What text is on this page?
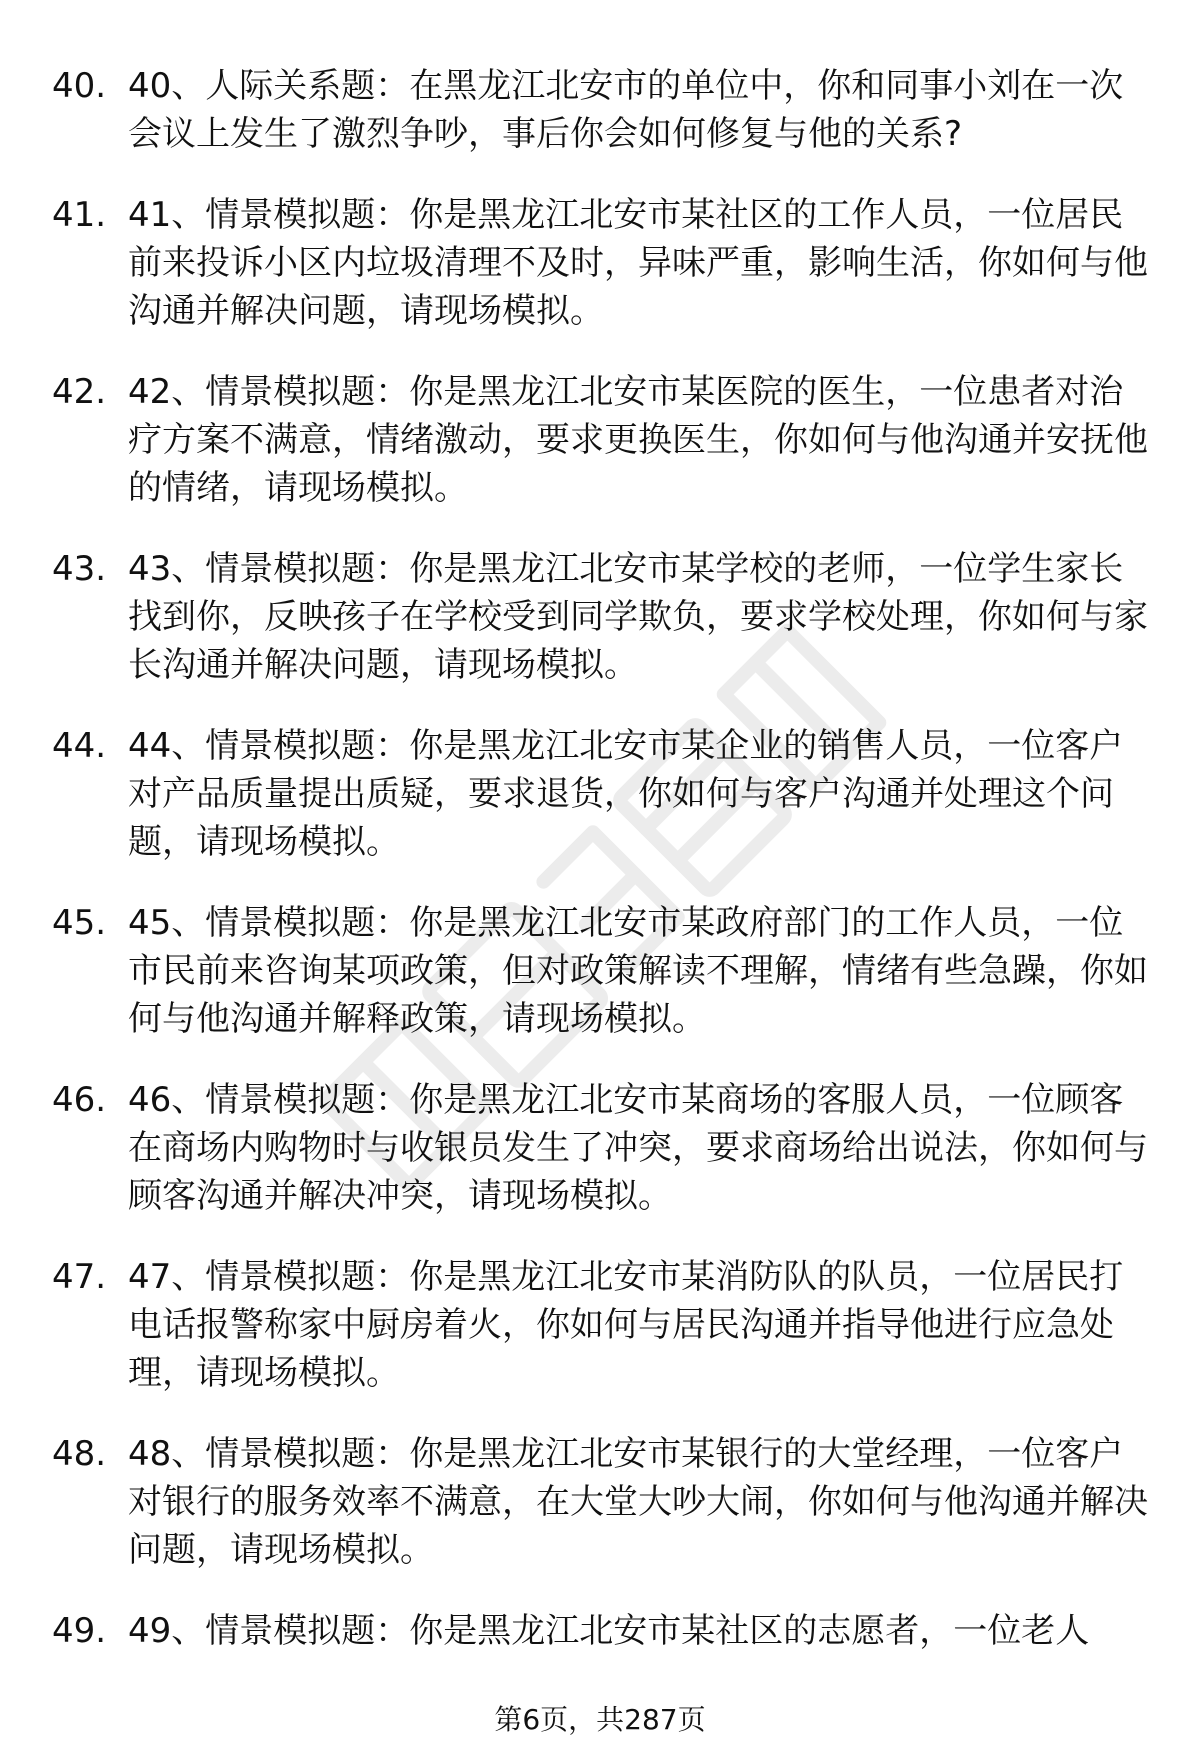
40. 40、人际关系题：在黑龙江北安市的单位中，你和同事小刘在一次会议上发生了激烈争吵，事后你会如何修复与他的关系?
41. 41、情景模拟题：你是黑龙江北安市某社区的工作人员，一位居民前来投诉小区内垃圾清理不及时，异味严重，影响生活，你如何与他沟通并解决问题，请现场模拟。
42. 42、情景模拟题：你是黑龙江北安市某医院的医生，一位患者对治疗方案不满意，情绪激动，要求更换医生，你如何与他沟通并安抚他的情绪，请现场模拟。
43. 43、情景模拟题：你是黑龙江北安市某学校的老师，一位学生家长找到你，反映孩子在学校受到同学欺负，要求学校处理，你如何与家长沟通并解决问题，请现场模拟。
44. 44、情景模拟题：你是黑龙江北安市某企业的销售人员，一位客户对产品质量提出质疑，要求退货，你如何与客户沟通并处理这个问题，请现场模拟。
45. 45、情景模拟题：你是黑龙江北安市某政府部门的工作人员，一位市民前来咨询某项政策，但对政策解读不理解，情绪有些急躁，你如何与他沟通并解释政策，请现场模拟。
46. 46、情景模拟题：你是黑龙江北安市某商场的客服人员，一位顾客在商场内购物时与收银员发生了冲突，要求商场给出说法，你如何与顾客沟通并解决冲突，请现场模拟。
47. 47、情景模拟题：你是黑龙江北安市某消防队的队员，一位居民打电话报警称家中厨房着火，你如何与居民沟通并指导他进行应急处理，请现场模拟。
48. 48、情景模拟题：你是黑龙江北安市某银行的大堂经理，一位客户对银行的服务效率不满意，在大堂大吵大闹，你如何与他沟通并解决问题，请现场模拟。
49. 49、情景模拟题：你是黑龙江北安市某社区的志愿者，一位老人
第6页，共287页
